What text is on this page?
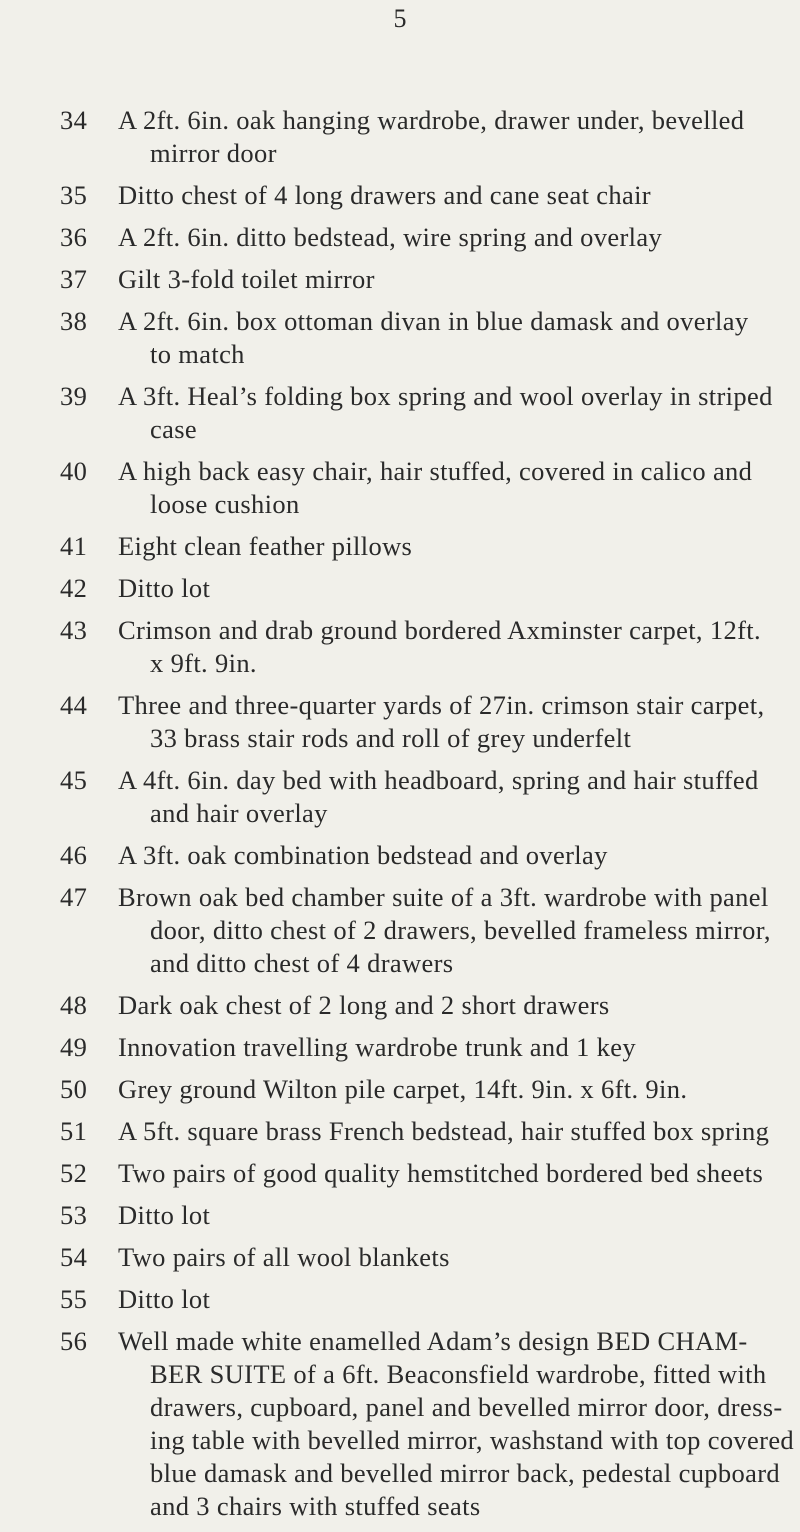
5
34	A 2ft. 6in. oak hanging wardrobe, drawer under, bevelled
mirror door
35	Ditto chest of 4 long drawers and cane seat chair
36	A 2ft. 6in. ditto bedstead, wire spring and overlay
37	Gilt 3-fold toilet mirror
38	A 2ft. 6in. box ottoman divan in blue damask and overlay
to match
39	A 3ft. Heal’s folding box spring and wool overlay in striped
case
40	A high back easy chair, hair stuffed, covered in calico and
loose cushion
41	Eight clean feather pillows
42	Ditto lot
43	Crimson and drab ground bordered Axminster carpet, 12ft.
x 9ft. 9in.
44	Three and three-quarter yards of 27in. crimson stair carpet,
33 brass stair rods and roll of grey underfelt
45	A 4ft. 6in. day bed with headboard, spring and hair stuffed
and hair overlay
46	A 3ft. oak combination bedstead and overlay
47	Brown oak bed chamber suite of a 3ft. wardrobe with panel
door, ditto chest of 2 drawers, bevelled frameless mirror,
and ditto chest of 4 drawers
48	Dark oak chest of 2 long and 2 short drawers
49	Innovation travelling wardrobe trunk and 1 key
50	Grey ground Wilton pile carpet, 14ft. 9in. x 6ft. 9in.
51	A 5ft. square brass French bedstead, hair stuffed box spring
52	Two pairs of good quality hemstitched bordered bed sheets
53	Ditto lot
54	Two pairs of all wool blankets
55	Ditto lot
56	Well made white enamelled Adam’s design BED CHAM-
BER SUITE of a 6ft. Beaconsfield wardrobe, fitted with
drawers, cupboard, panel and bevelled mirror door, dress-
ing table with bevelled mirror, washstand with top covered
blue damask and bevelled mirror back, pedestal cupboard
and 3 chairs with stuffed seats
